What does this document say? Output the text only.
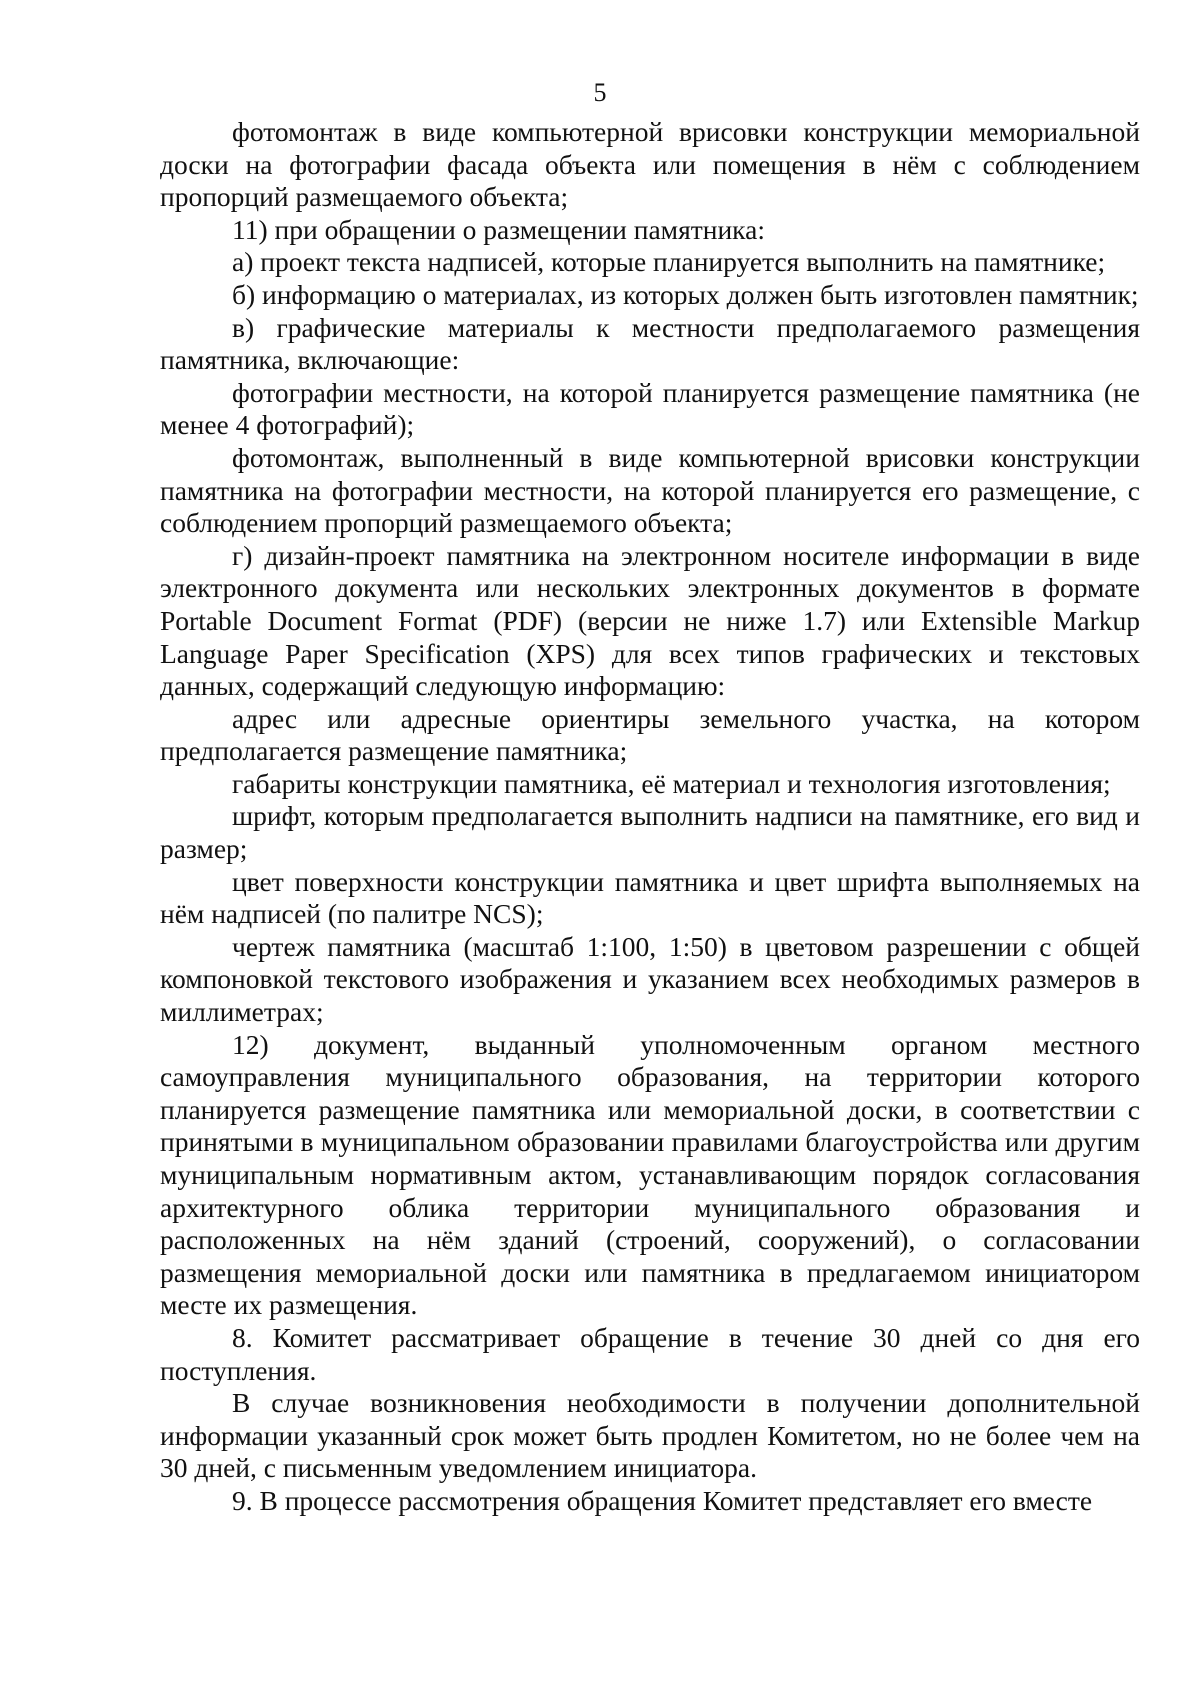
5

фотомонтаж в виде компьютерной врисовки конструкции мемориальной доски на фотографии фасада объекта или помещения в нём с соблюдением пропорций размещаемого объекта;

11) при обращении о размещении памятника:

а) проект текста надписей, которые планируется выполнить на памятнике;

б) информацию о материалах, из которых должен быть изготовлен памятник;

в) графические материалы к местности предполагаемого размещения памятника, включающие:

фотографии местности, на которой планируется размещение памятника (не менее 4 фотографий);

фотомонтаж, выполненный в виде компьютерной врисовки конструкции памятника на фотографии местности, на которой планируется его размещение, с соблюдением пропорций размещаемого объекта;

г) дизайн-проект памятника на электронном носителе информации в виде электронного документа или нескольких электронных документов в формате Portable Document Format (PDF) (версии не ниже 1.7) или Extensible Markup Language Paper Specification (XPS) для всех типов графических и текстовых данных, содержащий следующую информацию:

адрес или адресные ориентиры земельного участка, на котором предполагается размещение памятника;

габариты конструкции памятника, её материал и технология изготовления;

шрифт, которым предполагается выполнить надписи на памятнике, его вид и размер;

цвет поверхности конструкции памятника и цвет шрифта выполняемых на нём надписей (по палитре NCS);

чертеж памятника (масштаб 1:100, 1:50) в цветовом разрешении с общей компоновкой текстового изображения и указанием всех необходимых размеров в миллиметрах;

12) документ, выданный уполномоченным органом местного самоуправления муниципального образования, на территории которого планируется размещение памятника или мемориальной доски, в соответствии с принятыми в муниципальном образовании правилами благоустройства или другим муниципальным нормативным актом, устанавливающим порядок согласования архитектурного облика территории муниципального образования и расположенных на нём зданий (строений, сооружений), о согласовании размещения мемориальной доски или памятника в предлагаемом инициатором месте их размещения.

8. Комитет рассматривает обращение в течение 30 дней со дня его поступления.

В случае возникновения необходимости в получении дополнительной информации указанный срок может быть продлен Комитетом, но не более чем на 30 дней, с письменным уведомлением инициатора.

9. В процессе рассмотрения обращения Комитет представляет его вместе
